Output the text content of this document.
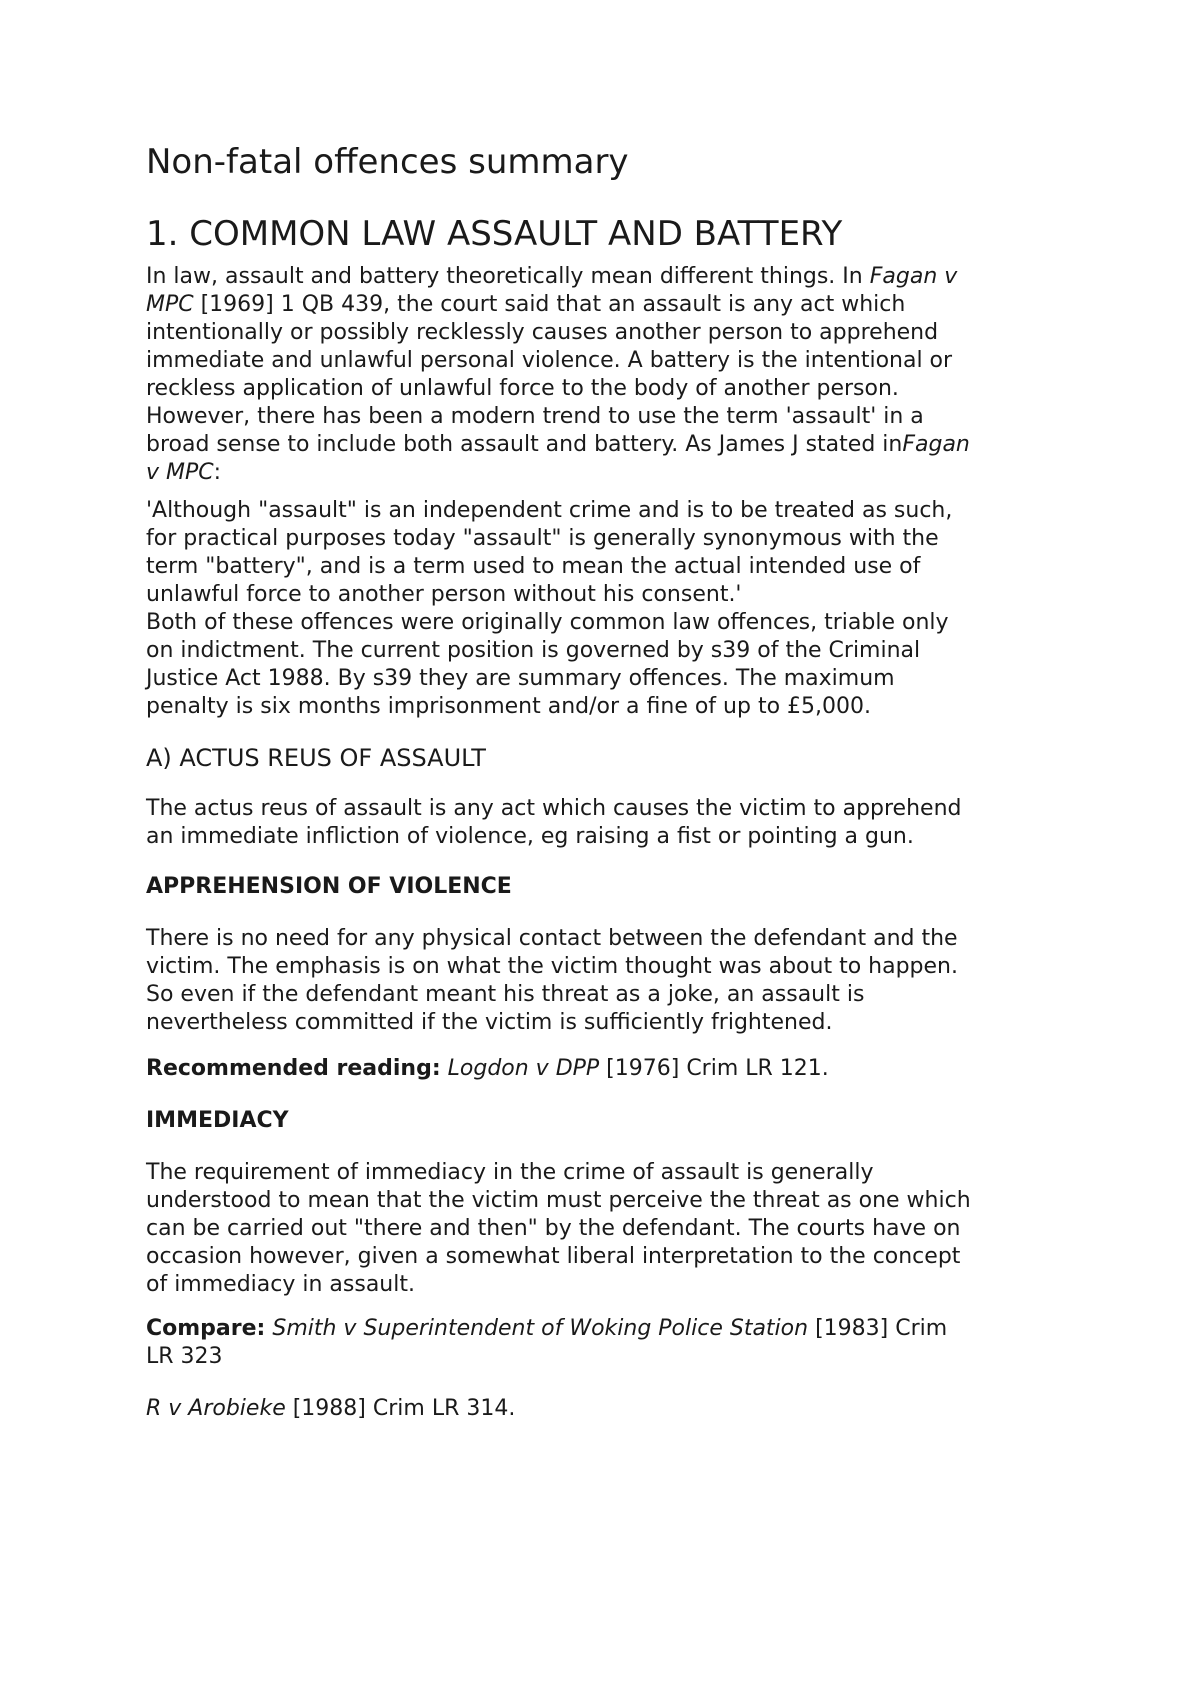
Non-fatal offences summary
1. COMMON LAW ASSAULT AND BATTERY
In law, assault and battery theoretically mean different things. In Fagan v
MPC [1969] 1 QB 439, the court said that an assault is any act which
intentionally or possibly recklessly causes another person to apprehend
immediate and unlawful personal violence. A battery is the intentional or
reckless application of unlawful force to the body of another person.
However, there has been a modern trend to use the term 'assault' in a
broad sense to include both assault and battery. As James J stated inFagan
v MPC:
'Although "assault" is an independent crime and is to be treated as such,
for practical purposes today "assault" is generally synonymous with the
term "battery", and is a term used to mean the actual intended use of
unlawful force to another person without his consent.'
Both of these offences were originally common law offences, triable only
on indictment. The current position is governed by s39 of the Criminal
Justice Act 1988. By s39 they are summary offences. The maximum
penalty is six months imprisonment and/or a fine of up to £5,000.
A) ACTUS REUS OF ASSAULT
The actus reus of assault is any act which causes the victim to apprehend
an immediate infliction of violence, eg raising a fist or pointing a gun.
APPREHENSION OF VIOLENCE
There is no need for any physical contact between the defendant and the
victim. The emphasis is on what the victim thought was about to happen.
So even if the defendant meant his threat as a joke, an assault is
nevertheless committed if the victim is sufficiently frightened.
Recommended reading: Logdon v DPP [1976] Crim LR 121.
IMMEDIACY
The requirement of immediacy in the crime of assault is generally
understood to mean that the victim must perceive the threat as one which
can be carried out "there and then" by the defendant. The courts have on
occasion however, given a somewhat liberal interpretation to the concept
of immediacy in assault.
Compare: Smith v Superintendent of Woking Police Station [1983] Crim
LR 323
R v Arobieke [1988] Crim LR 314.
